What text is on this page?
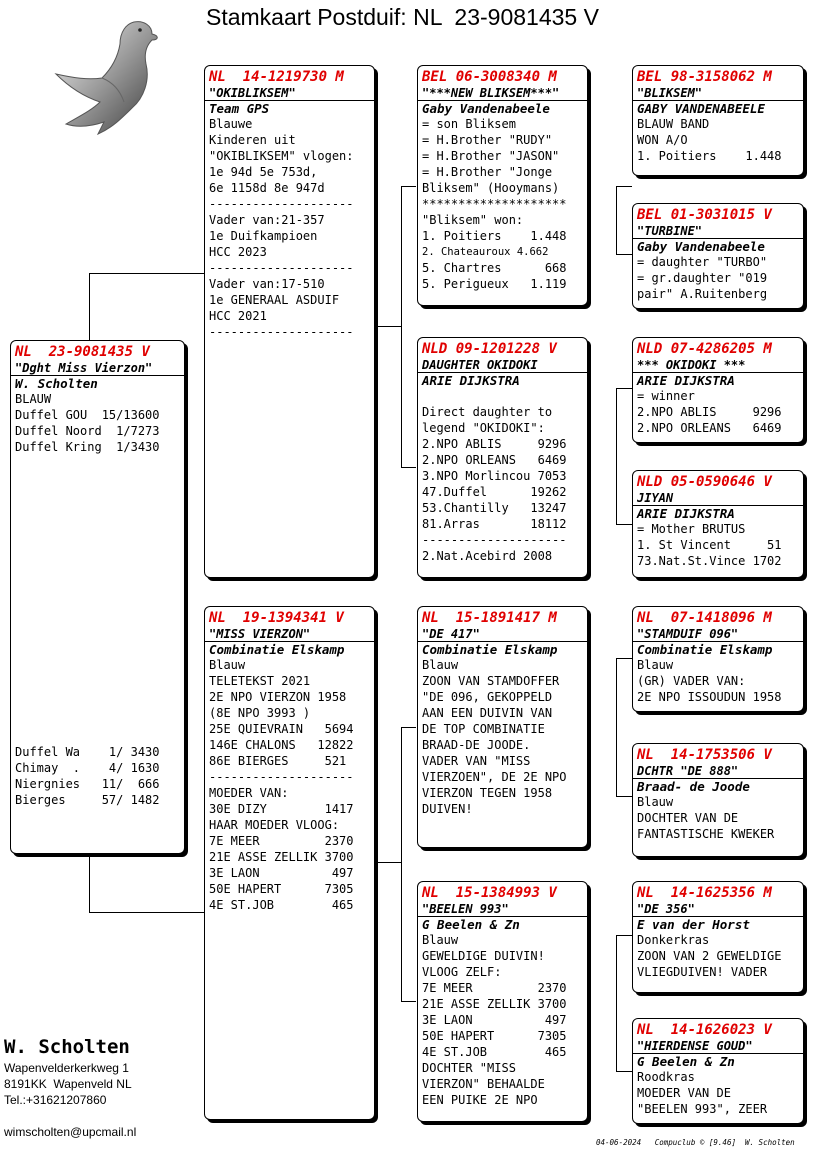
Stamkaart Postduif: NL  23-9081435 V
NL  23-9081435 V
"Dght Miss Vierzon"
W. Scholten
BLAUW
Duffel GOU  15/13600
Duffel Noord  1/7273
Duffel Kring  1/3430
Duffel Wa    1/ 3430
Chimay  .    4/ 1630
Niergnies   11/  666
Bierges     57/ 1482
NL  14-1219730 M
"OKIBLIKSEM"
Team GPS
Blauwe
Kinderen uit
"OKIBLIKSEM" vlogen:
1e 94d 5e 753d,
6e 1158d 8e 947d
--------------------
Vader van:21-357
1e Duifkampioen
HCC 2023
--------------------
Vader van:17-510
1e GENERAAL ASDUIF
HCC 2021
--------------------
NL  19-1394341 V
"MISS VIERZON"
Combinatie Elskamp
Blauw
TELETEKST 2021
2E NPO VIERZON 1958
(8E NPO 3993 )
25E QUIEVRAIN   5694
146E CHALONS   12822
86E BIERGES     521
--------------------
MOEDER VAN:
30E DIZY        1417
HAAR MOEDER VLOOG:
7E MEER         2370
21E ASSE ZELLIK 3700
3E LAON          497
50E HAPERT      7305
4E ST.JOB        465
BEL 06-3008340 M
"***NEW BLIKSEM***"
Gaby Vandenabeele
= son Bliksem
= H.Brother "RUDY"
= H.Brother "JASON"
= H.Brother "Jonge
Bliksem" (Hooymans)
********************
"Bliksem" won:
1. Poitiers    1.448
2. Chateauroux 4.662
5. Chartres      668
5. Perigueux   1.119
NLD 09-1201228 V
DAUGHTER OKIDOKI
ARIE DIJKSTRA
Direct daughter to
legend "OKIDOKI":
2.NPO ABLIS     9296
2.NPO ORLEANS   6469
3.NPO Morlincou 7053
47.Duffel      19262
53.Chantilly   13247
81.Arras       18112
--------------------
2.Nat.Acebird 2008
NL  15-1891417 M
"DE 417"
Combinatie Elskamp
Blauw
ZOON VAN STAMDOFFER
"DE 096, GEKOPPELD
AAN EEN DUIVIN VAN
DE TOP COMBINATIE
BRAAD-DE JOODE.
VADER VAN "MISS
VIERZOEN", DE 2E NPO
VIERZON TEGEN 1958
DUIVEN!
NL  15-1384993 V
"BEELEN 993"
G Beelen & Zn
Blauw
GEWELDIGE DUIVIN!
VLOOG ZELF:
7E MEER         2370
21E ASSE ZELLIK 3700
3E LAON          497
50E HAPERT      7305
4E ST.JOB        465
DOCHTER "MISS
VIERZON" BEHAALDE
EEN PUIKE 2E NPO
BEL 98-3158062 M
"BLIKSEM"
GABY VANDENABEELE
BLAUW BAND
WON A/O
1. Poitiers    1.448
BEL 01-3031015 V
"TURBINE"
Gaby Vandenabeele
= daughter "TURBO"
= gr.daughter "019
pair" A.Ruitenberg
NLD 07-4286205 M
*** OKIDOKI ***
ARIE DIJKSTRA
= winner
2.NPO ABLIS     9296
2.NPO ORLEANS   6469
NLD 05-0590646 V
JIYAN
ARIE DIJKSTRA
= Mother BRUTUS
1. St Vincent     51
73.Nat.St.Vince 1702
NL  07-1418096 M
"STAMDUIF 096"
Combinatie Elskamp
Blauw
(GR) VADER VAN:
2E NPO ISSOUDUN 1958
NL  14-1753506 V
DCHTR "DE 888"
Braad- de Joode
Blauw
DOCHTER VAN DE
FANTASTISCHE KWEKER
NL  14-1625356 M
"DE 356"
E van der Horst
Donkerkras
ZOON VAN 2 GEWELDIGE
VLIEGDUIVEN! VADER
NL  14-1626023 V
"HIERDENSE GOUD"
G Beelen & Zn
Roodkras
MOEDER VAN DE
"BEELEN 993", ZEER
W. Scholten
Wapenvelderkerkweg 1
8191KK  Wapenveld NL
Tel.:+31621207860
wimscholten@upcmail.nl
04-06-2024   Compuclub © [9.46]  W. Scholten
